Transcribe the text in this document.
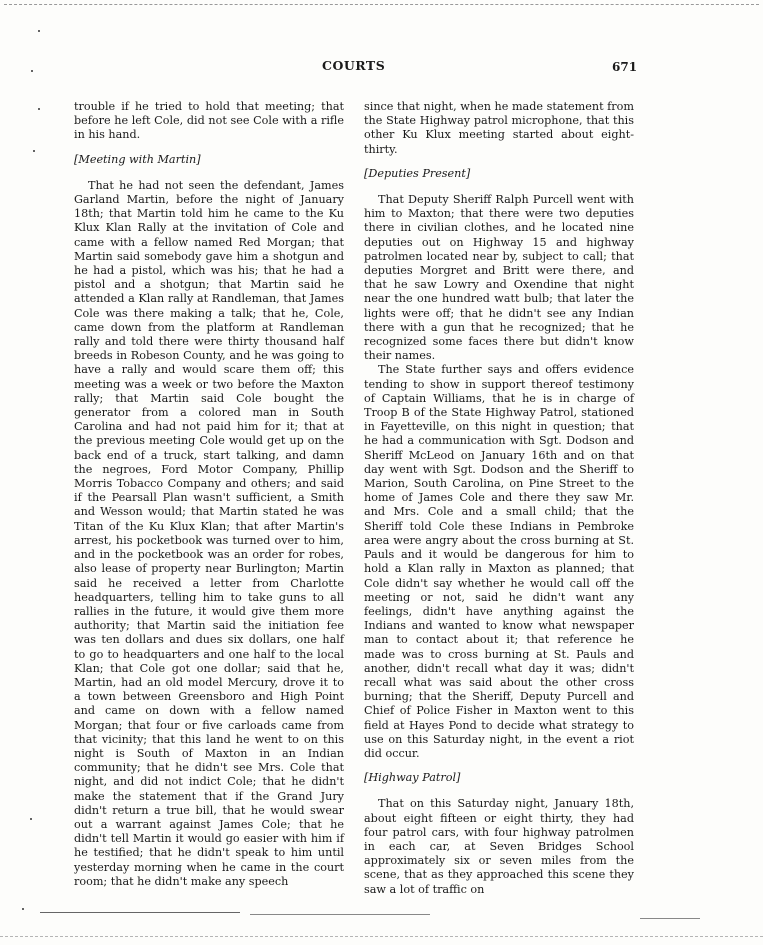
COURTS	671

trouble if he tried to hold that meeting; that before he left Cole, did not see Cole with a rifle in his hand.

[Meeting with Martin]

That he had not seen the defendant, James Garland Martin, before the night of January 18th; that Martin told him he came to the Ku Klux Klan Rally at the invitation of Cole and came with a fellow named Red Morgan; that Martin said somebody gave him a shotgun and he had a pistol, which was his; that he had a pistol and a shotgun; that Martin said he attended a Klan rally at Randleman, that James Cole was there making a talk; that he, Cole, came down from the platform at Randleman rally and told there were thirty thousand half breeds in Robeson County, and he was going to have a rally and would scare them off; this meeting was a week or two before the Maxton rally; that Martin said Cole bought the generator from a colored man in South Carolina and had not paid him for it; that at the previous meeting Cole would get up on the back end of a truck, start talking, and damn the negroes, Ford Motor Company, Phillip Morris Tobacco Company and others; and said if the Pearsall Plan wasn't sufficient, a Smith and Wesson would; that Martin stated he was Titan of the Ku Klux Klan; that after Martin's arrest, his pocketbook was turned over to him, and in the pocketbook was an order for robes, also lease of property near Burlington; Martin said he received a letter from Charlotte headquarters, telling him to take guns to all rallies in the future, it would give them more authority; that Martin said the initiation fee was ten dollars and dues six dollars, one half to go to headquarters and one half to the local Klan; that Cole got one dollar; said that he, Martin, had an old model Mercury, drove it to a town between Greensboro and High Point and came on down with a fellow named Morgan; that four or five carloads came from that vicinity; that this land he went to on this night is South of Maxton in an Indian community; that he didn't see Mrs. Cole that night, and did not indict Cole; that he didn't make the statement that if the Grand Jury didn't return a true bill, that he would swear out a warrant against James Cole; that he didn't tell Martin it would go easier with him if he testified; that he didn't speak to him until yesterday morning when he came in the court room; that he didn't make any speech

since that night, when he made statement from the State Highway patrol microphone, that this other Ku Klux meeting started about eight-thirty.

[Deputies Present]

That Deputy Sheriff Ralph Purcell went with him to Maxton; that there were two deputies there in civilian clothes, and he located nine deputies out on Highway 15 and highway patrolmen located near by, subject to call; that deputies Morgret and Britt were there, and that he saw Lowry and Oxendine that night near the one hundred watt bulb; that later the lights were off; that he didn't see any Indian there with a gun that he recognized; that he recognized some faces there but didn't know their names.

The State further says and offers evidence tending to show in support thereof testimony of Captain Williams, that he is in charge of Troop B of the State Highway Patrol, stationed in Fayetteville, on this night in question; that he had a communication with Sgt. Dodson and Sheriff McLeod on January 16th and on that day went with Sgt. Dodson and the Sheriff to Marion, South Carolina, on Pine Street to the home of James Cole and there they saw Mr. and Mrs. Cole and a small child; that the Sheriff told Cole these Indians in Pembroke area were angry about the cross burning at St. Pauls and it would be dangerous for him to hold a Klan rally in Maxton as planned; that Cole didn't say whether he would call off the meeting or not, said he didn't want any feelings, didn't have anything against the Indians and wanted to know what newspaper man to contact about it; that reference he made was to cross burning at St. Pauls and another, didn't recall what day it was; didn't recall what was said about the other cross burning; that the Sheriff, Deputy Purcell and Chief of Police Fisher in Maxton went to this field at Hayes Pond to decide what strategy to use on this Saturday night, in the event a riot did occur.

[Highway Patrol]

That on this Saturday night, January 18th, about eight fifteen or eight thirty, they had four patrol cars, with four highway patrolmen in each car, at Seven Bridges School approximately six or seven miles from the scene, that as they approached this scene they saw a lot of traffic on
